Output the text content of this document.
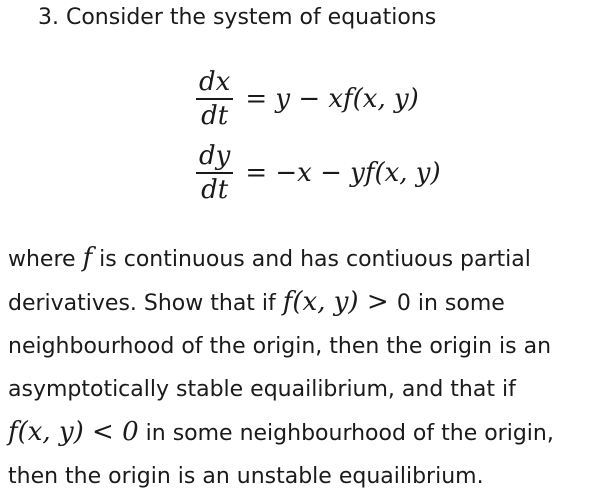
3. Consider the system of equations
$\frac{dx}{dt} = y - xf(x$, y)
$\frac{dy}{dt} = -x - yf(x$, y)
where f is continuous and has contiuous partial
derivatives. Show that if f(x, y) > 0 in some
neighbourhood of the origin, then the origin is an
asymptotically stable equailibrium, and that if
f(x, y) < 0 in some neighbourhood of the origin,
then the origin is an unstable equailibrium.
